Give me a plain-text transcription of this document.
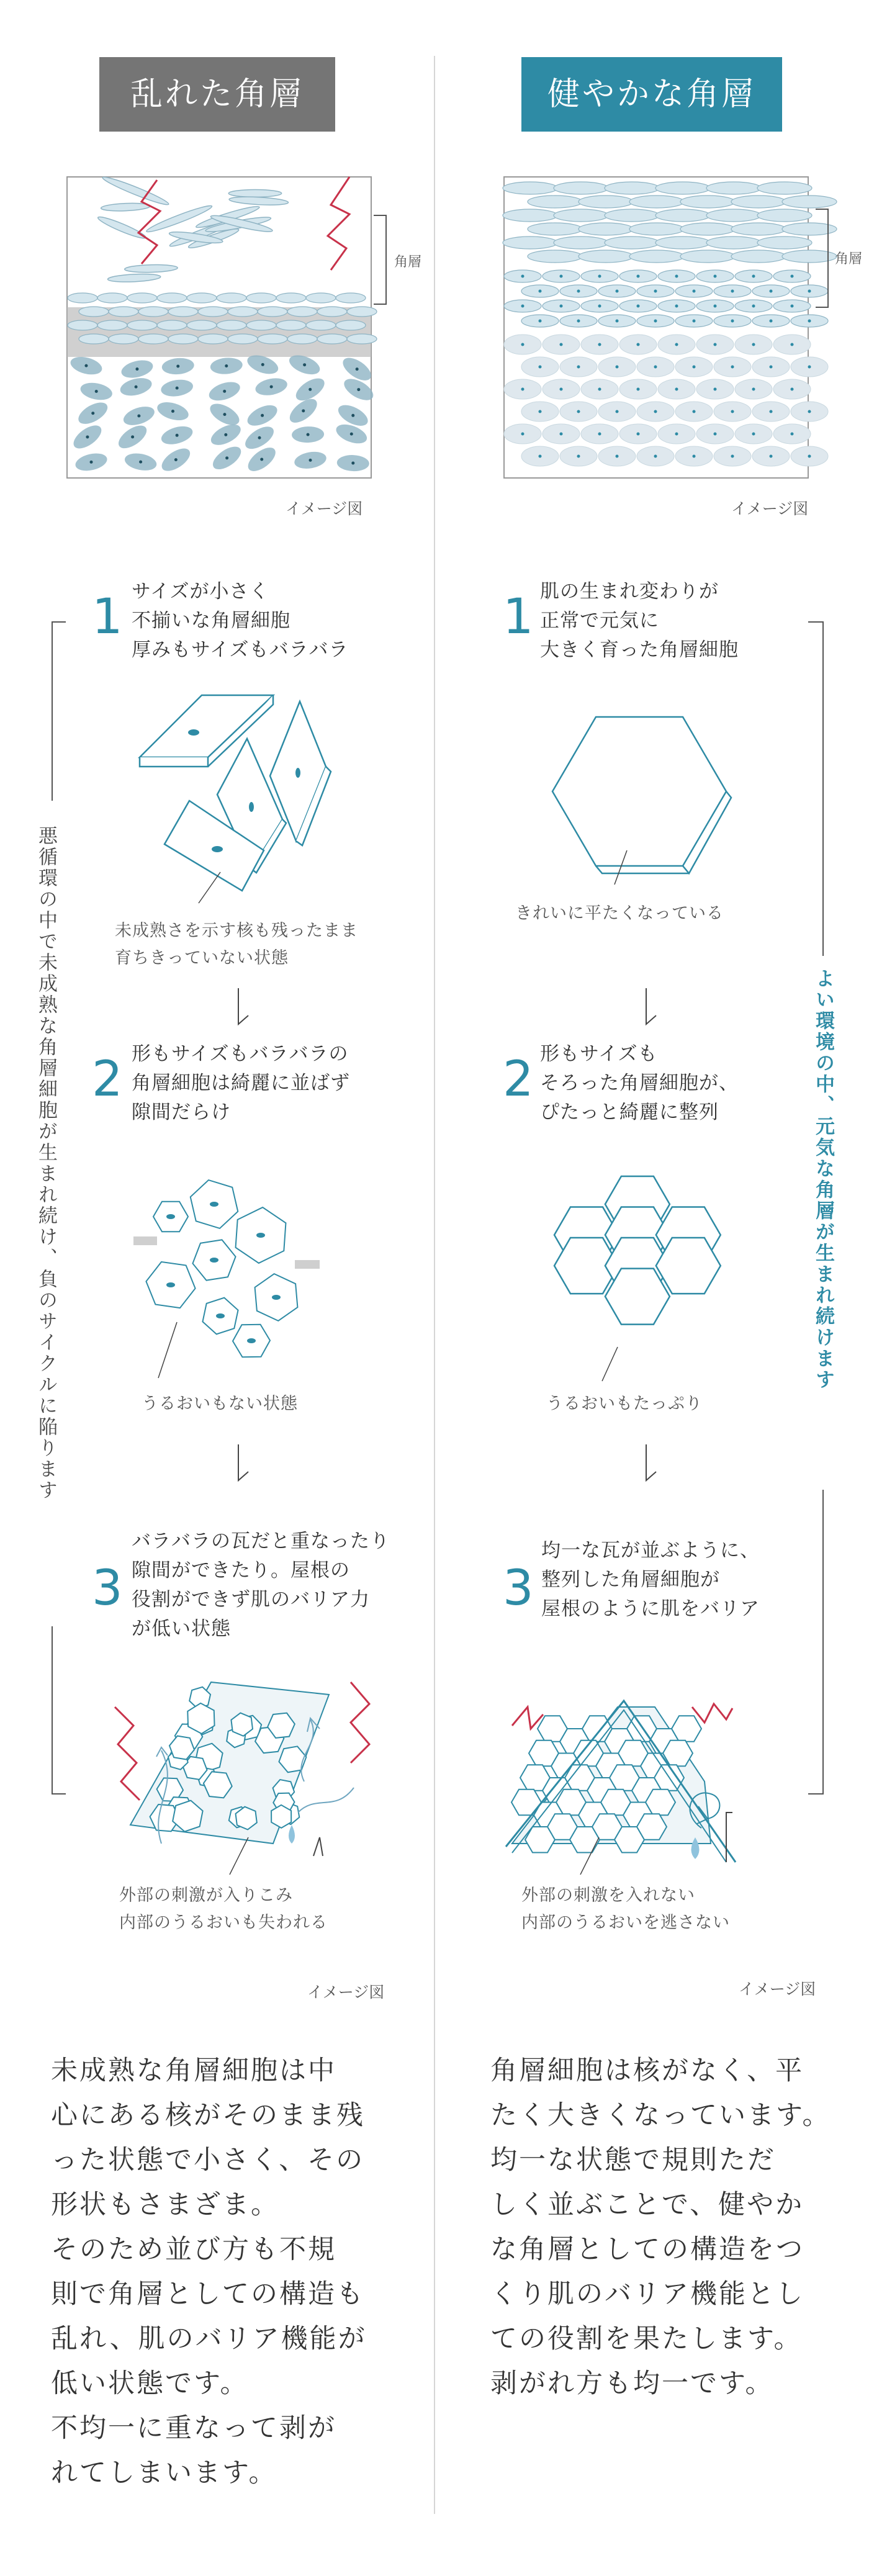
乱れた角層
角層
イメージ図
1 サイズが小さく
不揃いな角層細胞
厚みもサイズもバラバラ
未成熟さを示す核も残ったまま
育ちきっていない状態
2 形もサイズもバラバラの
角層細胞は綺麗に並ばず
隙間だらけ
うるおいもない状態
3
バラバラの瓦だと重なったり
隙間ができたり。屋根の
役割ができず肌のバリア力
が低い状態
外部の刺激が入りこみ
内部のうるおいも失われる
イメージ図
悪循環の中で未成熟な角層細胞が生まれ続け、負のサイクルに陥ります
未成熟な角層細胞は中
心にある核がそのまま残
った状態で小さく、その
形状もさまざま。
そのため並び方も不規
則で角層としての構造も
乱れ、肌のバリア機能が
低い状態です。
不均一に重なって剥が
れてしまいます。
健やかな角層
角層
イメージ図
1 肌の生まれ変わりが
正常で元気に
大きく育った角層細胞
きれいに平たくなっている
2 形もサイズも
そろった角層細胞が、
ぴたっと綺麗に整列
うるおいもたっぷり
3
均一な瓦が並ぶように、
整列した角層細胞が
屋根のように肌をバリア
外部の刺激を入れない
内部のうるおいを逃さない
イメージ図
よい環境の中、元気な角層が生まれ続けます
角層細胞は核がなく、平
たく大きくなっています。
均一な状態で規則ただ
しく並ぶことで、健やか
な角層としての構造をつ
くり肌のバリア機能とし
ての役割を果たします。
剥がれ方も均一です。
